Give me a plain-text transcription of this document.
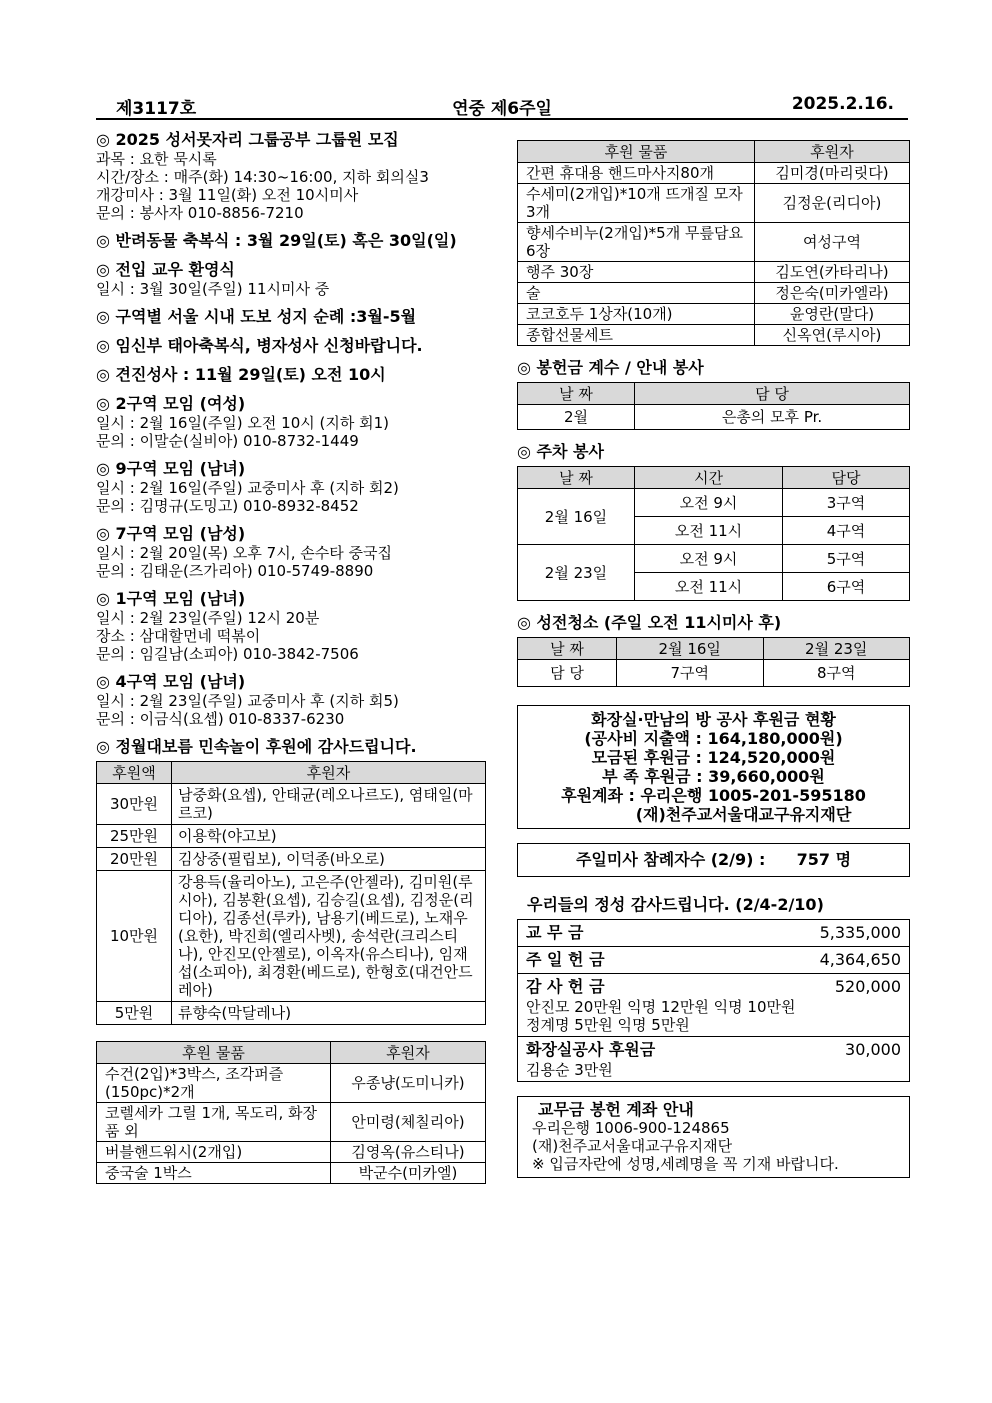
제3117호	연중 제6주일	2025.2.16.
◎ 2025 성서못자리 그룹공부 그룹원 모집
과목 : 요한 묵시록
시간/장소 : 매주(화) 14:30~16:00, 지하 회의실3
개강미사 : 3월 11일(화) 오전 10시미사
문의 : 봉사자 010-8856-7210
◎ 반려동물 축복식 : 3월 29일(토) 혹은 30일(일)
◎ 전입 교우 환영식
일시 : 3월 30일(주일) 11시미사 중
◎ 구역별 서울 시내 도보 성지 순례 :3월-5월
◎ 임신부 태아축복식, 병자성사 신청바랍니다.
◎ 견진성사 : 11월 29일(토) 오전 10시
◎ 2구역 모임 (여성)
일시 : 2월 16일(주일) 오전 10시 (지하 회1)
문의 : 이말순(실비아) 010-8732-1449
◎ 9구역 모임 (남녀)
일시 : 2월 16일(주일) 교중미사 후 (지하 회2)
문의 : 김명규(도밍고) 010-8932-8452
◎ 7구역 모임 (남성)
일시 : 2월 20일(목) 오후 7시, 손수타 중국집
문의 : 김태운(즈가리아) 010-5749-8890
◎ 1구역 모임 (남녀)
일시 : 2월 23일(주일) 12시 20분
장소 : 삼대할먼네 떡볶이
문의 : 임길남(소피아) 010-3842-7506
◎ 4구역 모임 (남녀)
일시 : 2월 23일(주일) 교중미사 후 (지하 회5)
문의 : 이금식(요셉) 010-8337-6230
◎ 정월대보름 민속놀이 후원에 감사드립니다.
후원액	후원자
30만원	남중화(요셉), 안태균(레오나르도), 염태일(마르코)
25만원	이용학(야고보)
20만원	김상중(필립보), 이덕종(바오로)
10만원	강용득(율리아노), 고은주(안젤라), 김미원(루시아), 김봉환(요셉), 김승길(요셉), 김정운(리디아), 김종선(루카), 남용기(베드로), 노재우(요한), 박진희(엘리사벳), 송석란(크리스티나), 안진모(안젤로), 이옥자(유스티나), 임재섭(소피아), 최경환(베드로), 한형호(대건안드레아)
5만원	류향숙(막달레나)
후원 물품	후원자
수건(2입)*3박스, 조각퍼즐(150pc)*2개	우종냥(도미니카)
코렐세카 그릴 1개, 목도리, 화장품 외	안미령(체칠리아)
버블핸드워시(2개입)	김영옥(유스티나)
중국술 1박스	박군수(미카엘)
후원 물품	후원자
간편 휴대용 핸드마사지80개	김미경(마리릿다)
수세미(2개입)*10개 뜨개질 모자 3개	김정운(리디아)
향세수비누(2개입)*5개 무릎담요 6장	여성구역
행주 30장	김도연(카타리나)
술	정은숙(미카엘라)
코코호두 1상자(10개)	윤영란(말다)
종합선물세트	신옥연(루시아)
◎ 봉헌금 계수 / 안내 봉사
날 짜	담 당
2월	은총의 모후 Pr.
◎ 주차 봉사
날 짜	시간	담당
2월 16일	오전 9시	3구역
	오전 11시	4구역
2월 23일	오전 9시	5구역
	오전 11시	6구역
◎ 성전청소 (주일 오전 11시미사 후)
날 짜	2월 16일	2월 23일
담 당	7구역	8구역
화장실·만남의 방 공사 후원금 현황
(공사비 지출액 : 164,180,000원)
모금된 후원금 : 124,520,000원
부 족 후원금 : 39,660,000원
후원계좌 : 우리은행 1005-201-595180
(재)천주교서울대교구유지재단
주일미사 참례자수 (2/9) : 757 명
우리들의 정성 감사드립니다. (2/4-2/10)
교 무 금	5,335,000
주 일 헌 금	4,364,650
감 사 헌 금	520,000
안진모 20만원 익명 12만원 익명 10만원
정계명 5만원 익명 5만원
화장실공사 후원금	30,000
김용순 3만원
교무금 봉헌 계좌 안내
우리은행 1006-900-124865
(재)천주교서울대교구유지재단
※ 입금자란에 성명,세례명을 꼭 기재 바랍니다.
